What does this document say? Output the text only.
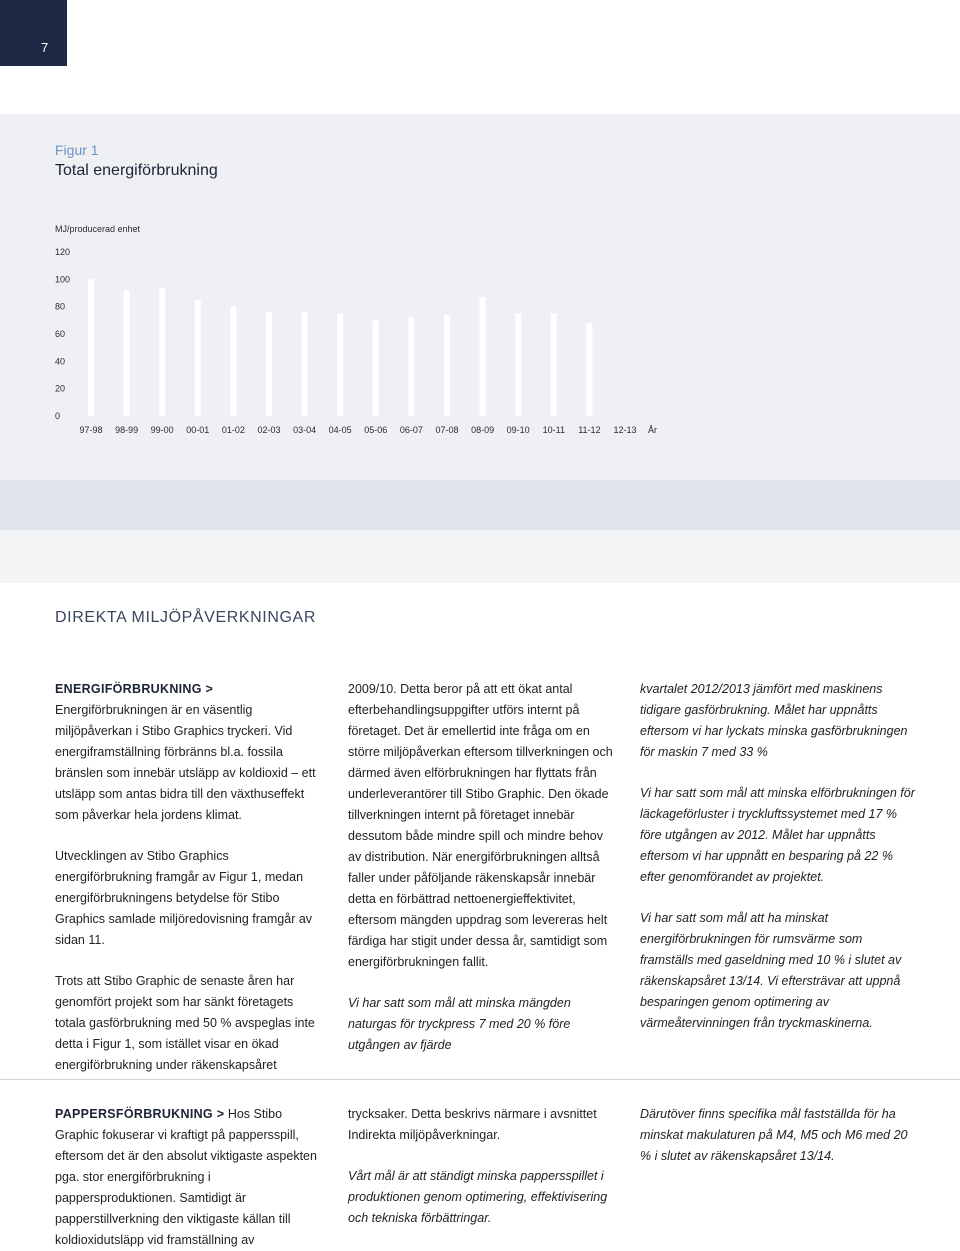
7
Figur 1
Total energiförbrukning
MJ/producerad enhet
0
20
40
60
80
100
120
97-98 98-99 99-00 00-01 01-02 02-03 03-04 04-05 05-06 06-07 07-08 08-09 09-10 10-11 11-12 12-13 År
DIREKTA MILJÖPÅVERKNINGAR

ENERGIFÖRBRUKNING > Energiförbrukningen är en väsentlig miljöpåverkan i Stibo Graphics tryckeri. Vid energiframställning förbränns bl.a. fossila bränslen som innebär utsläpp av koldioxid – ett utsläpp som antas bidra till den växthuseffekt som påverkar hela jordens klimat.

Utvecklingen av Stibo Graphics energiförbrukning framgår av Figur 1, medan energiförbrukningens betydelse för Stibo Graphics samlade miljöredovisning framgår av sidan 11.

Trots att Stibo Graphic de senaste åren har genomfört projekt som har sänkt företagets totala gasförbrukning med 50 % avspeglas inte detta i Figur 1, som istället visar en ökad energiförbrukning under räkenskapsåret

2009/10. Detta beror på att ett ökat antal efterbehandlingsuppgifter utförs internt på företaget. Det är emellertid inte fråga om en större miljöpåverkan eftersom tillverkningen och därmed även elförbrukningen har flyttats från underleverantörer till Stibo Graphic. Den ökade tillverkningen internt på företaget innebär dessutom både mindre spill och mindre behov av distribution. När energiförbrukningen alltså faller under påföljande räkenskapsår innebär detta en förbättrad nettoenergieffektivitet, eftersom mängden uppdrag som levereras helt färdiga har stigit under dessa år, samtidigt som energiförbrukningen fallit.

Vi har satt som mål att minska mängden naturgas för tryckpress 7 med 20 % före utgången av fjärde

kvartalet 2012/2013 jämfört med maskinens tidigare gasförbrukning. Målet har uppnåtts eftersom vi har lyckats minska gasförbrukningen för maskin 7 med 33 %

Vi har satt som mål att minska elförbrukningen för läckageförluster i tryckluftssystemet med 17 % före utgången av 2012. Målet har uppnåtts eftersom vi har uppnått en besparing på 22 % efter genomförandet av projektet.

Vi har satt som mål att ha minskat energiförbrukningen för rumsvärme som framställs med gaseldning med 10 % i slutet av räkenskapsåret 13/14. Vi eftersträvar att uppnå besparingen genom optimering av värmeåtervinningen från tryckmaskinerna.

PAPPERSFÖRBRUKNING > Hos Stibo Graphic fokuserar vi kraftigt på pappersspill, eftersom det är den absolut viktigaste aspekten pga. stor energiförbrukning i pappersproduktionen. Samtidigt är papperstillverkning den viktigaste källan till koldioxidutsläpp vid framställning av

trycksaker. Detta beskrivs närmare i avsnittet Indirekta miljöpåverkningar.

Vårt mål är att ständigt minska pappersspillet i produktionen genom optimering, effektivisering och tekniska förbättringar.

Därutöver finns specifika mål fastställda för ha minskat makulaturen på M4, M5 och M6 med 20 % i slutet av räkenskapsåret 13/14.
